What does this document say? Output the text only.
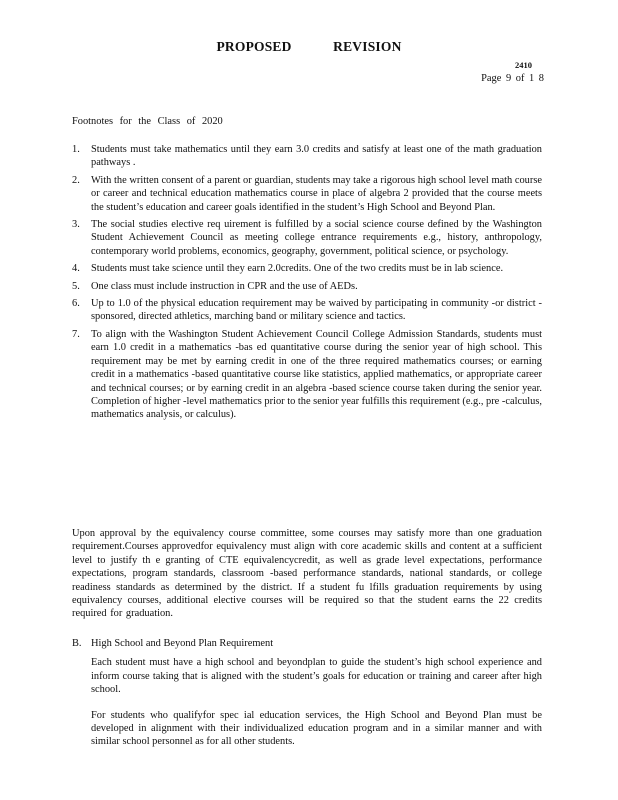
PROPOSED	REVISION
2410
Page 9 of 1 8
Footnotes for the Class of 2020
1. Students must take mathematics until they earn 3.0 credits and satisfy at least one of the math graduation pathways .
2. With the written consent of a parent or guardian, students may take a rigorous high school level math course or career and technical education mathematics course in place of algebra 2 provided that the course meets the student’s education and career goals identified in the student’s High School and Beyond Plan.
3. The social studies elective req uirement is fulfilled by a social science course defined by the Washington Student Achievement Council as meeting college entrance requirements e.g., history, anthropology, contemporary world problems, economics, geography, government, political science, or psychology.
4. Students must take science until they earn 2.0credits. One of the two credits must be in lab science.
5. One class must include instruction in CPR and the use of AEDs.
6. Up to 1.0 of the physical education requirement may be waived by participating in community -or district -sponsored, directed athletics, marching band or military science and tactics.
7. To align with the Washington Student Achievement Council College Admission Standards, students must earn 1.0 credit in a mathematics -bas ed quantitative course during the senior year of high school. This requirement may be met by earning credit in one of the three required mathematics courses; or earning credit in a mathematics -based quantitative course like statistics, applied mathematics, or appropriate career and technical courses; or by earning credit in an algebra -based science course taken during the senior year. Completion of higher -level mathematics prior to the senior year fulfills this requirement (e.g., pre -calculus, mathematics analysis, or calculus).
Upon approval by the equivalency course committee, some courses may satisfy more than one graduation requirement.Courses approvedfor equivalency must align with core academic skills and content at a sufficient level to justify th e granting of CTE equivalencycredit, as well as grade level expectations, performance expectations, program standards, classroom -based performance standards, national standards, or college readiness standards as determined by the district. If a student fu lfills graduation requirements by using equivalency courses, additional elective courses will be required so that the student earns the 22 credits required for graduation.
B. High School and Beyond Plan Requirement
Each student must have a high school and beyondplan to guide the student’s high school experience and inform course taking that is aligned with the student’s goals for education or training and career after high school.
For students who qualifyfor spec ial education services, the High School and Beyond Plan must be developed in alignment with their individualized education program and in a similar manner and with similar school personnel as for all other students.
